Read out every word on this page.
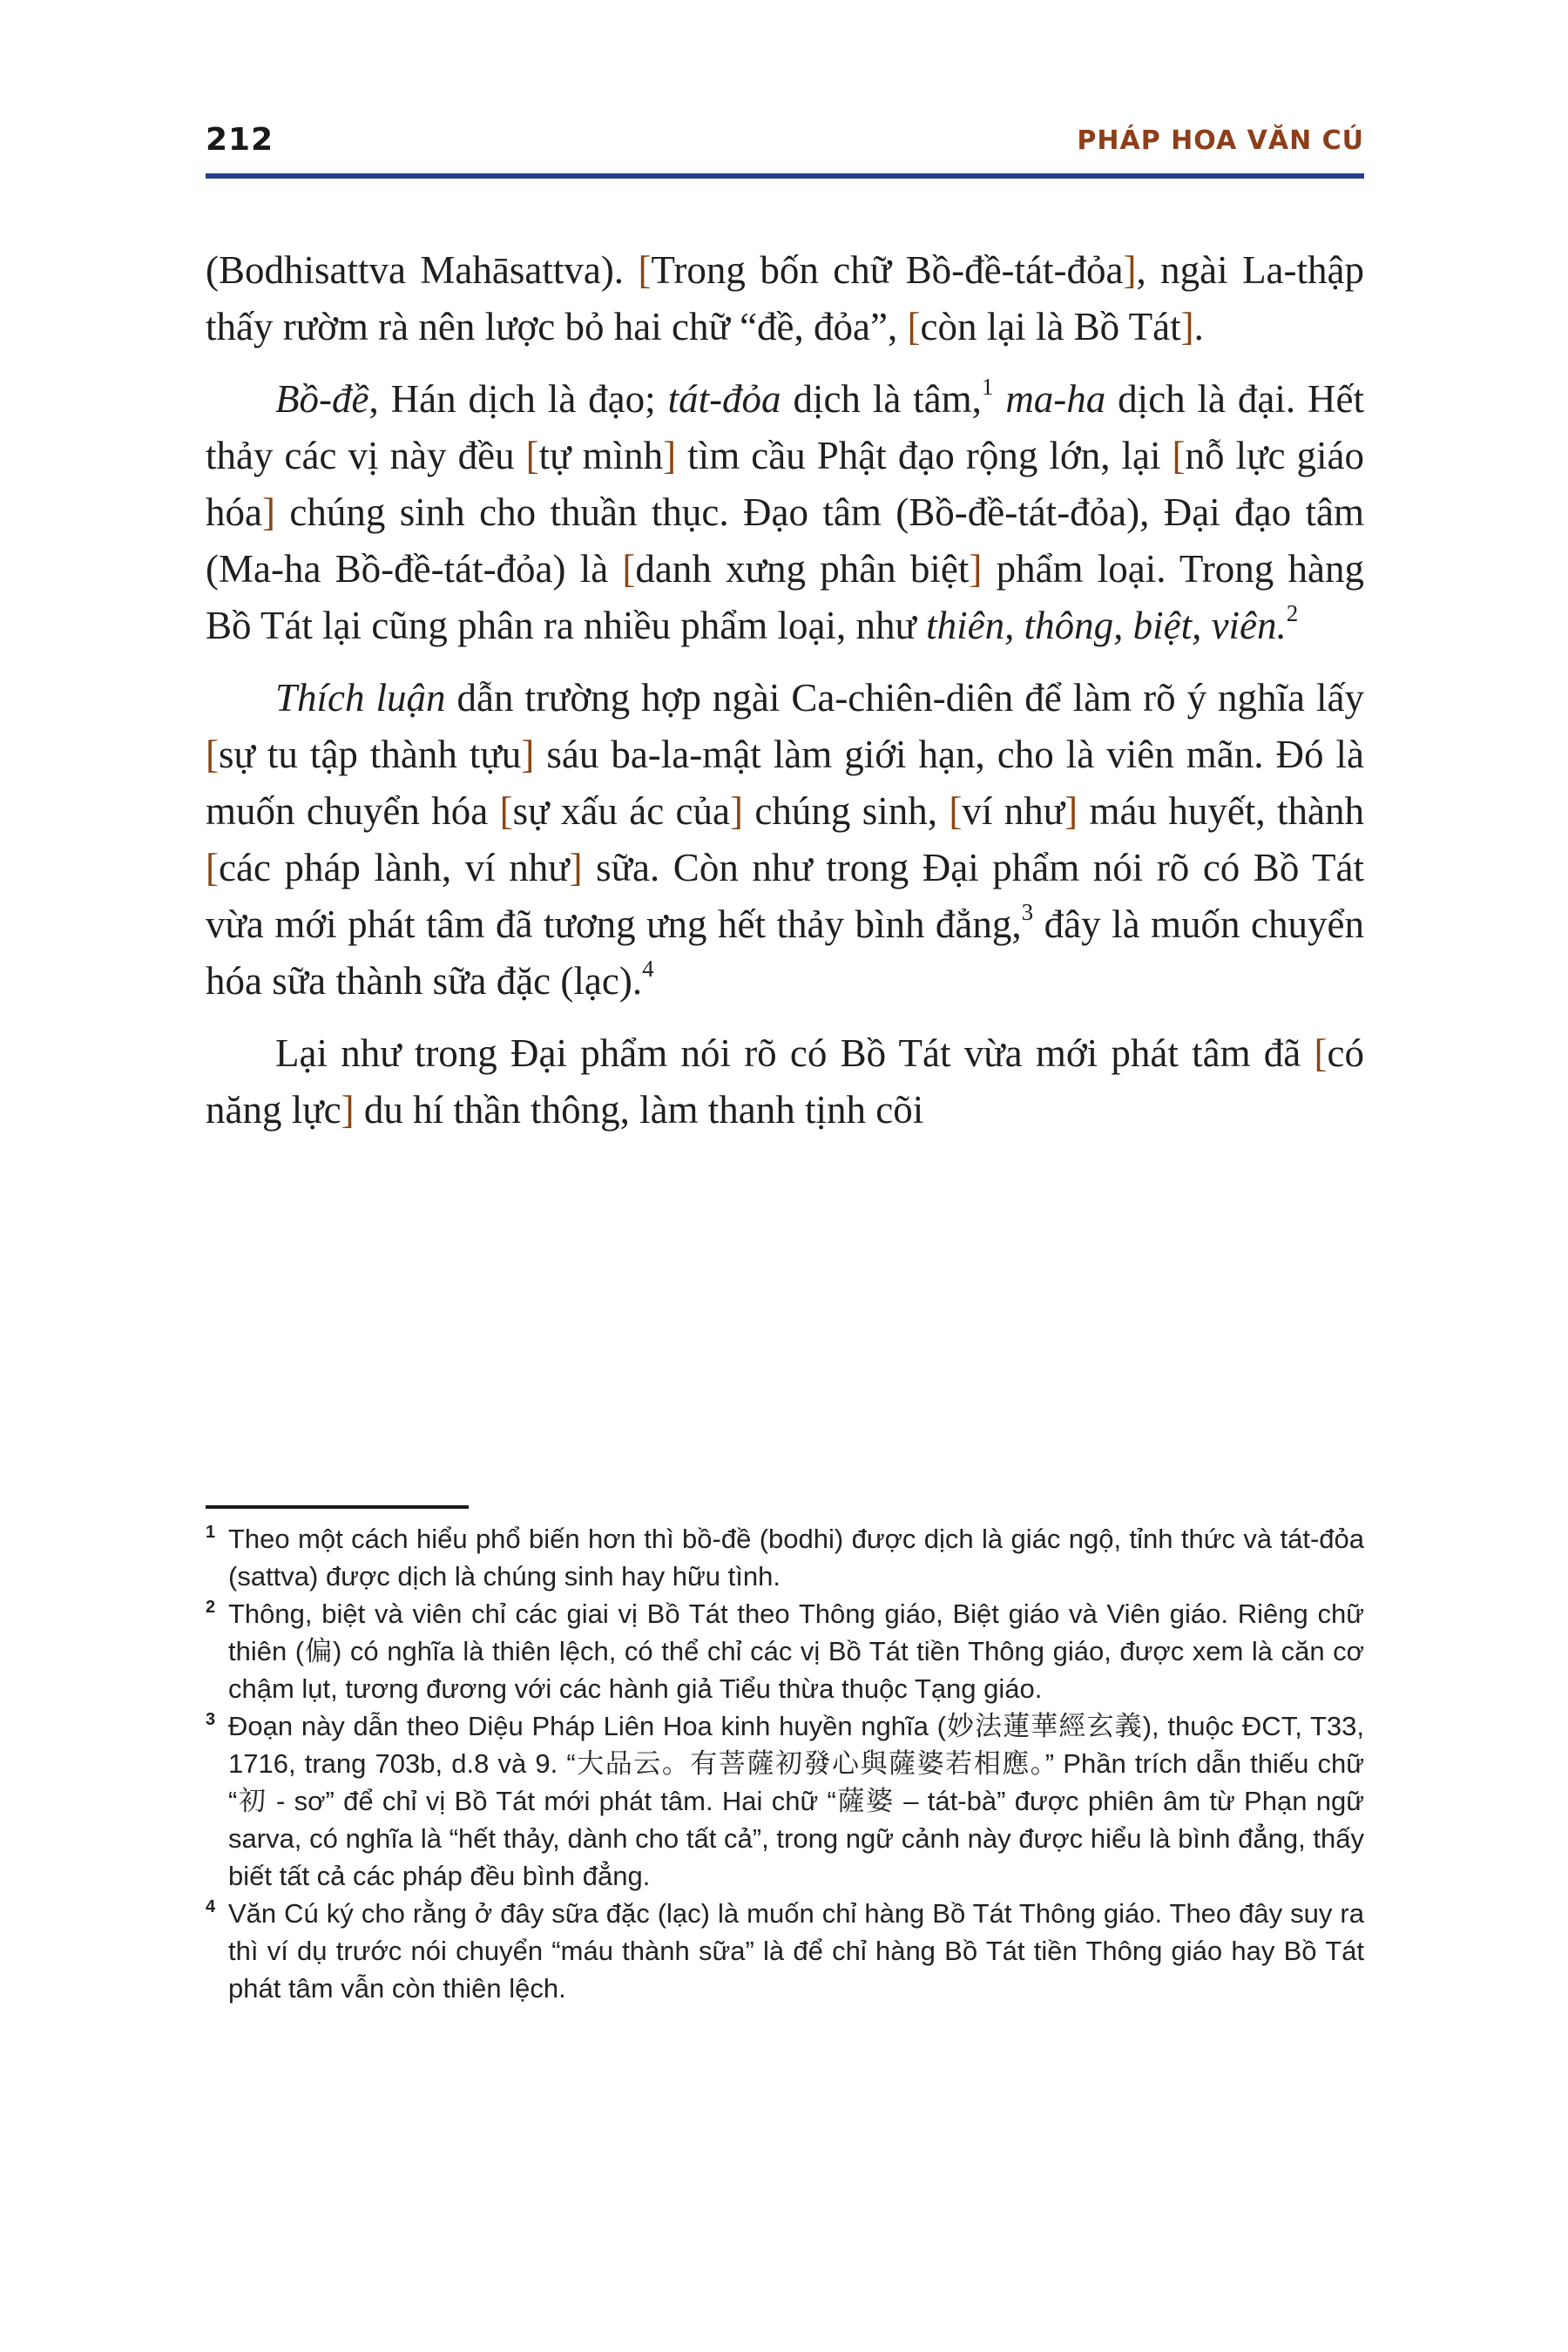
212	PHÁP HOA VĂN CÚ

(Bodhisattva Mahāsattva). [Trong bốn chữ Bồ-đề-tát-đỏa], ngài La-thập thấy rườm rà nên lược bỏ hai chữ “đề, đỏa”, [còn lại là Bồ Tát].

Bồ-đề, Hán dịch là đạo; tát-đỏa dịch là tâm,$^1$ ma-ha dịch là đại. Hết thảy các vị này đều [tự mình] tìm cầu Phật đạo rộng lớn, lại [nỗ lực giáo hóa] chúng sinh cho thuần thục. Đạo tâm (Bồ-đề-tát-đỏa), Đại đạo tâm (Ma-ha Bồ-đề-tát-đỏa) là [danh xưng phân biệt] phẩm loại. Trong hàng Bồ Tát lại cũng phân ra nhiều phẩm loại, như thiên, thông, biệt, viên.$^2$

Thích luận dẫn trường hợp ngài Ca-chiên-diên để làm rõ ý nghĩa lấy [sự tu tập thành tựu] sáu ba-la-mật làm giới hạn, cho là viên mãn. Đó là muốn chuyển hóa [sự xấu ác của] chúng sinh, [ví như] máu huyết, thành [các pháp lành, ví như] sữa. Còn như trong Đại phẩm nói rõ có Bồ Tát vừa mới phát tâm đã tương ưng hết thảy bình đẳng,$^3$ đây là muốn chuyển hóa sữa thành sữa đặc (lạc).$^4$

Lại như trong Đại phẩm nói rõ có Bồ Tát vừa mới phát tâm đã [có năng lực] du hí thần thông, làm thanh tịnh cõi

1 Theo một cách hiểu phổ biến hơn thì bồ-đề (bodhi) được dịch là giác ngộ, tỉnh thức và tát-đỏa (sattva) được dịch là chúng sinh hay hữu tình.

2 Thông, biệt và viên chỉ các giai vị Bồ Tát theo Thông giáo, Biệt giáo và Viên giáo. Riêng chữ thiên (偏) có nghĩa là thiên lệch, có thể chỉ các vị Bồ Tát tiền Thông giáo, được xem là căn cơ chậm lụt, tương đương với các hành giả Tiểu thừa thuộc Tạng giáo.

3 Đoạn này dẫn theo Diệu Pháp Liên Hoa kinh huyền nghĩa (妙法蓮華經玄義), thuộc ĐCT, T33, 1716, trang 703b, d.8 và 9. “大品云。有菩薩初發心與薩婆若相應。” Phần trích dẫn thiếu chữ “初 - sơ” để chỉ vị Bồ Tát mới phát tâm. Hai chữ “薩婆 – tát-bà” được phiên âm từ Phạn ngữ sarva, có nghĩa là “hết thảy, dành cho tất cả”, trong ngữ cảnh này được hiểu là bình đẳng, thấy biết tất cả các pháp đều bình đẳng.

4 Văn Cú ký cho rằng ở đây sữa đặc (lạc) là muốn chỉ hàng Bồ Tát Thông giáo. Theo đây suy ra thì ví dụ trước nói chuyển “máu thành sữa” là để chỉ hàng Bồ Tát tiền Thông giáo hay Bồ Tát phát tâm vẫn còn thiên lệch.
